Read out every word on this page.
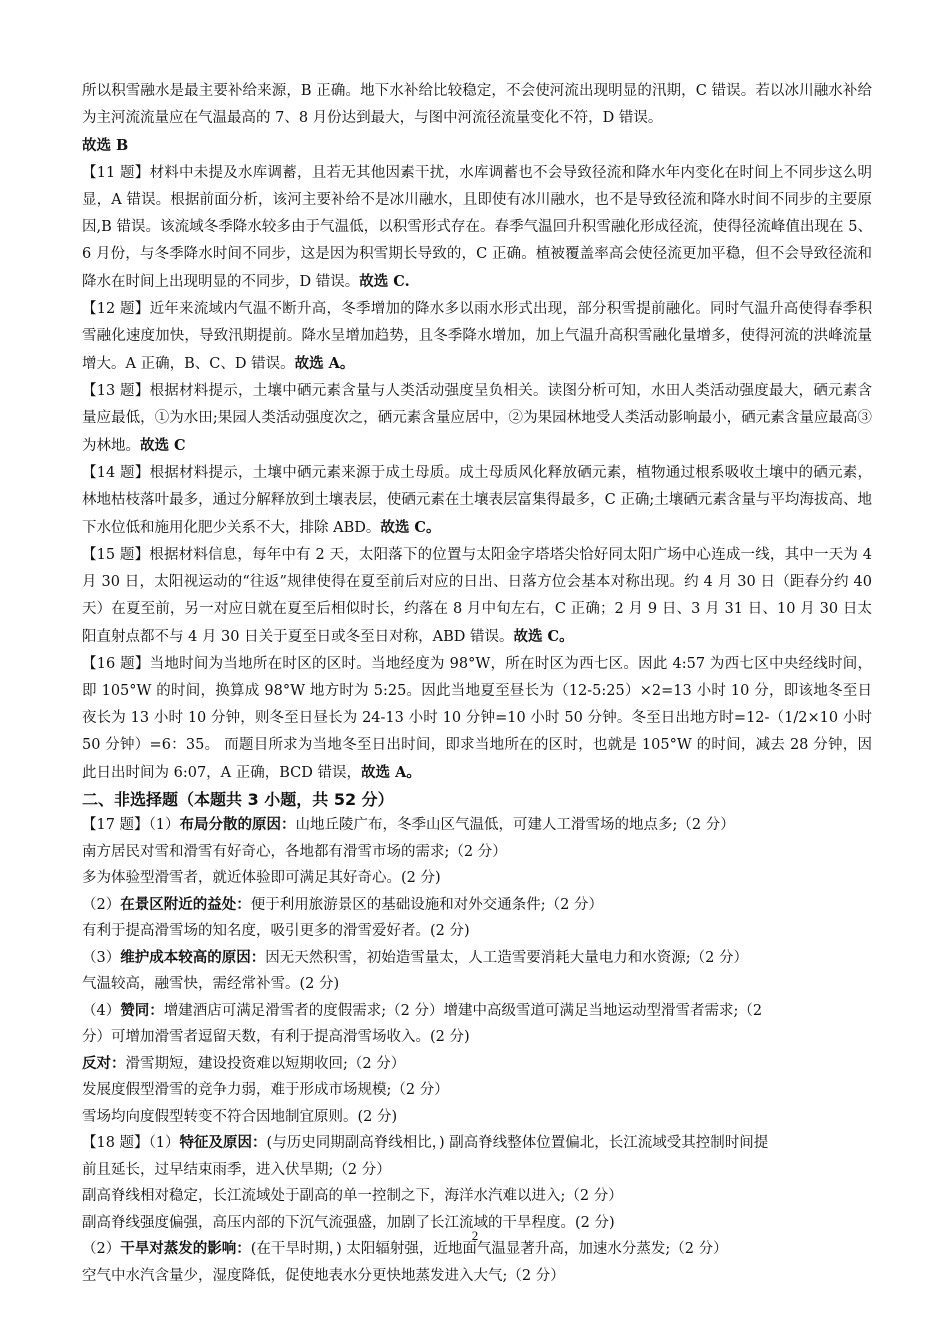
所以积雪融水是最主要补给来源，B 正确。地下水补给比较稳定，不会使河流出现明显的汛期，C 错误。若以冰川融水补给为主河流流量应在气温最高的 7、8 月份达到最大，与图中河流径流量变化不符，D 错误。

故选 B

【11 题】材料中未提及水库调蓄，且若无其他因素干扰，水库调蓄也不会导致径流和降水年内变化在时间上不同步这么明显，A 错误。根据前面分析，该河主要补给不是冰川融水，且即使有冰川融水，也不是导致径流和降水时间不同步的主要原因,B 错误。该流域冬季降水较多由于气温低，以积雪形式存在。春季气温回升积雪融化形成径流，使得径流峰值出现在 5、6 月份，与冬季降水时间不同步，这是因为积雪期长导致的，C 正确。植被覆盖率高会使径流更加平稳，但不会导致径流和降水在时间上出现明显的不同步，D 错误。故选 C.

【12 题】近年来流域内气温不断升高，冬季增加的降水多以雨水形式出现，部分积雪提前融化。同时气温升高使得春季积雪融化速度加快，导致汛期提前。降水呈增加趋势，且冬季降水增加，加上气温升高积雪融化量增多，使得河流的洪峰流量增大。A 正确，B、C、D 错误。故选 A。

【13 题】根据材料提示，土壤中硒元素含量与人类活动强度呈负相关。读图分析可知，水田人类活动强度最大，硒元素含量应最低，①为水田;果园人类活动强度次之，硒元素含量应居中，②为果园林地受人类活动影响最小，硒元素含量应最高③为林地。故选 C

【14 题】根据材料提示，土壤中硒元素来源于成土母质。成土母质风化释放硒元素，植物通过根系吸收土壤中的硒元素，林地枯枝落叶最多，通过分解释放到土壤表层，使硒元素在土壤表层富集得最多，C 正确;土壤硒元素含量与平均海拔高、地下水位低和施用化肥少关系不大，排除 ABD。故选 C。

【15 题】根据材料信息，每年中有 2 天，太阳落下的位置与太阳金字塔塔尖恰好同太阳广场中心连成一线，其中一天为 4 月 30 日，太阳视运动的“往返”规律使得在夏至前后对应的日出、日落方位会基本对称出现。约 4 月 30 日（距春分约 40 天）在夏至前，另一对应日就在夏至后相似时长，约落在 8 月中旬左右，C 正确；2 月 9 日、3 月 31 日、10 月 30 日太阳直射点都不与 4 月 30 日关于夏至日或冬至日对称，ABD 错误。故选 C。

【16 题】当地时间为当地所在时区的区时。当地经度为 98°W，所在时区为西七区。因此 4:57 为西七区中央经线时间，即 105°W 的时间，换算成 98°W 地方时为 5:25。因此当地夏至昼长为（12-5:25）×2=13 小时 10 分，即该地冬至日夜长为 13 小时 10 分钟，则冬至日昼长为 24-13 小时 10 分钟=10 小时 50 分钟。冬至日出地方时=12-（1/2×10 小时 50 分钟）=6：35。 而题目所求为当地冬至日出时间，即求当地所在的区时，也就是 105°W 的时间，减去 28 分钟，因此日出时间为 6:07，A 正确，BCD 错误，故选 A。

二、非选择题（本题共 3 小题，共 52 分）

【17 题】（1）布局分散的原因：山地丘陵广布，冬季山区气温低，可建人工滑雪场的地点多;（2 分）

南方居民对雪和滑雪有好奇心，各地都有滑雪市场的需求;（2 分）

多为体验型滑雪者，就近体验即可满足其好奇心。(2 分)

（2）在景区附近的益处：便于利用旅游景区的基础设施和对外交通条件;（2 分）

有利于提高滑雪场的知名度，吸引更多的滑雪爱好者。(2 分)

（3）维护成本较高的原因：因无天然积雪，初始造雪量太，人工造雪要消耗大量电力和水资源;（2 分）

气温较高，融雪快，需经常补雪。(2 分)

（4）赞同：增建酒店可满足滑雪者的度假需求;（2 分）增建中高级雪道可满足当地运动型滑雪者需求;（2

分）可增加滑雪者逗留天数，有利于提高滑雪场收入。(2 分)

反对：滑雪期短，建设投资难以短期收回;（2 分）

发展度假型滑雪的竞争力弱，难于形成市场规模;（2 分）

雪场均向度假型转变不符合因地制宜原则。(2 分)

【18 题】（1）特征及原因：(与历史同期副高脊线相比，) 副高脊线整体位置偏北，长江流域受其控制时间提

前且延长，过早结束雨季，进入伏旱期;（2 分）

副高脊线相对稳定，长江流域处于副高的单一控制之下，海洋水汽难以进入;（2 分）

副高脊线强度偏强，高压内部的下沉气流强盛，加剧了长江流域的干旱程度。(2 分)

（2）干旱对蒸发的影响：(在干旱时期，) 太阳辐射强，近地面气温显著升高，加速水分蒸发;（2 分）

空气中水汽含量少，湿度降低，促使地表水分更快地蒸发进入大气;（2 分）

2
